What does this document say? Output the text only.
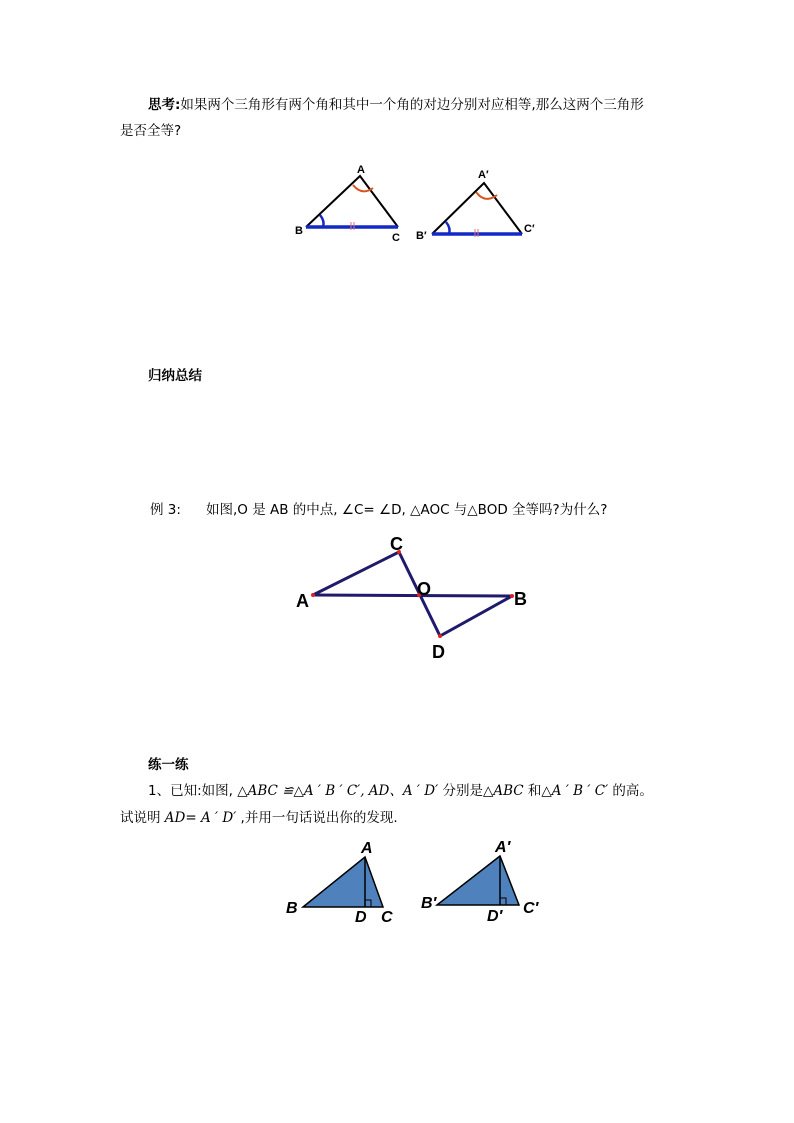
思考:如果两个三角形有两个角和其中一个角的对边分别对应相等,那么这两个三角形
是否全等?
A
B
C
A′
B′
C′
归纳总结
例 3: 如图,O 是 AB 的中点, ∠C= ∠D, △AOC 与△BOD 全等吗?为什么?
A
C
O	B
D
练一练
1、已知:如图, △ABC ≌△A ′ B ′ C′, AD、A ′ D′ 分别是△ABC 和△A ′ B ′ C′ 的高。
试说明 AD= A ′ D′ ,并用一句话说出你的发现.
A
B
D C
A′
B′
D′ C′
